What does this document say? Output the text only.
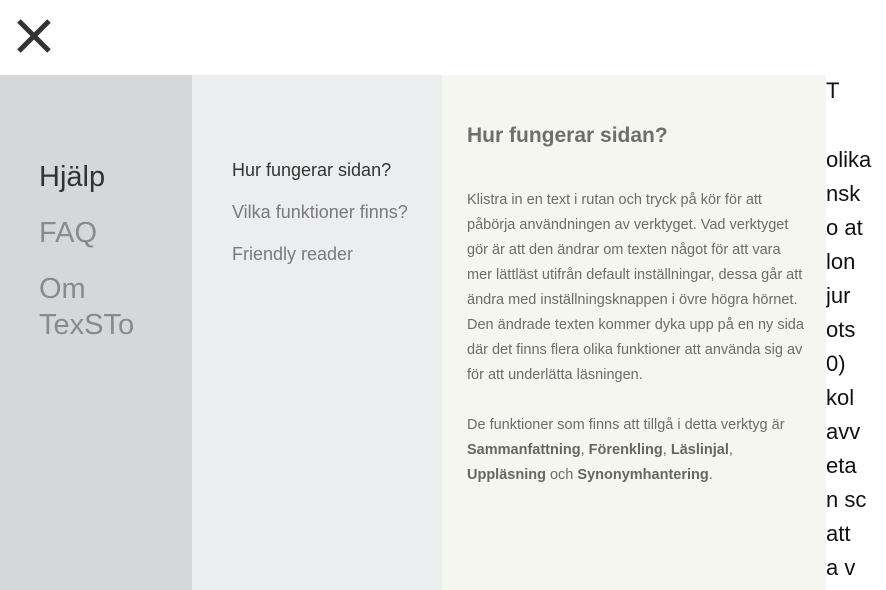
T
olika
nsk
o at
lon
jur
ots
0)
kol
avv
eta
n sc
att
a v
Hjälp
FAQ
Om
TexSTo
Hur fungerar sidan?
Vilka funktioner finns?
Friendly reader
Hur fungerar sidan?

Klistra in en text i rutan och tryck på kör för att påbörja användningen av verktyget. Vad verktyget gör är att den ändrar om texten något för att vara mer lättläst utifrån default inställningar, dessa går att ändra med inställningsknappen i övre högra hörnet. Den ändrade texten kommer dyka upp på en ny sida där det finns flera olika funktioner att använda sig av för att underlätta läsningen.

De funktioner som finns att tillgå i detta verktyg är Sammanfattning, Förenkling, Läslinjal, Uppläsning och Synonymhantering.
